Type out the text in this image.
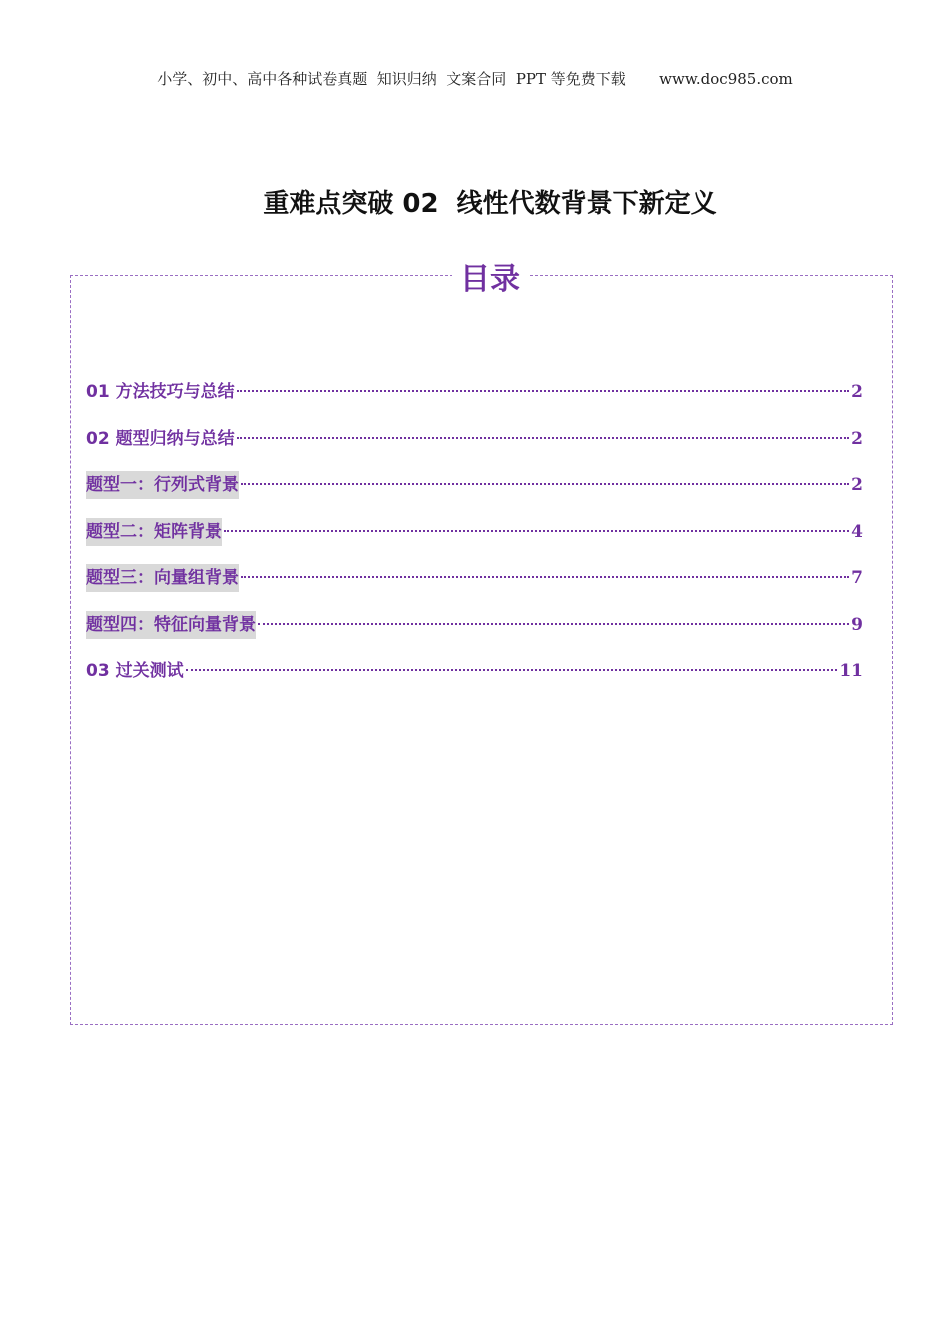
小学、初中、高中各种试卷真题  知识归纳  文案合同  PPT 等免费下载       www.doc985.com
重难点突破 02  线性代数背景下新定义
目录
01 方法技巧与总结	2
02 题型归纳与总结	2
题型一：行列式背景	2
题型二：矩阵背景	4
题型三：向量组背景	7
题型四：特征向量背景	9
03 过关测试	11
